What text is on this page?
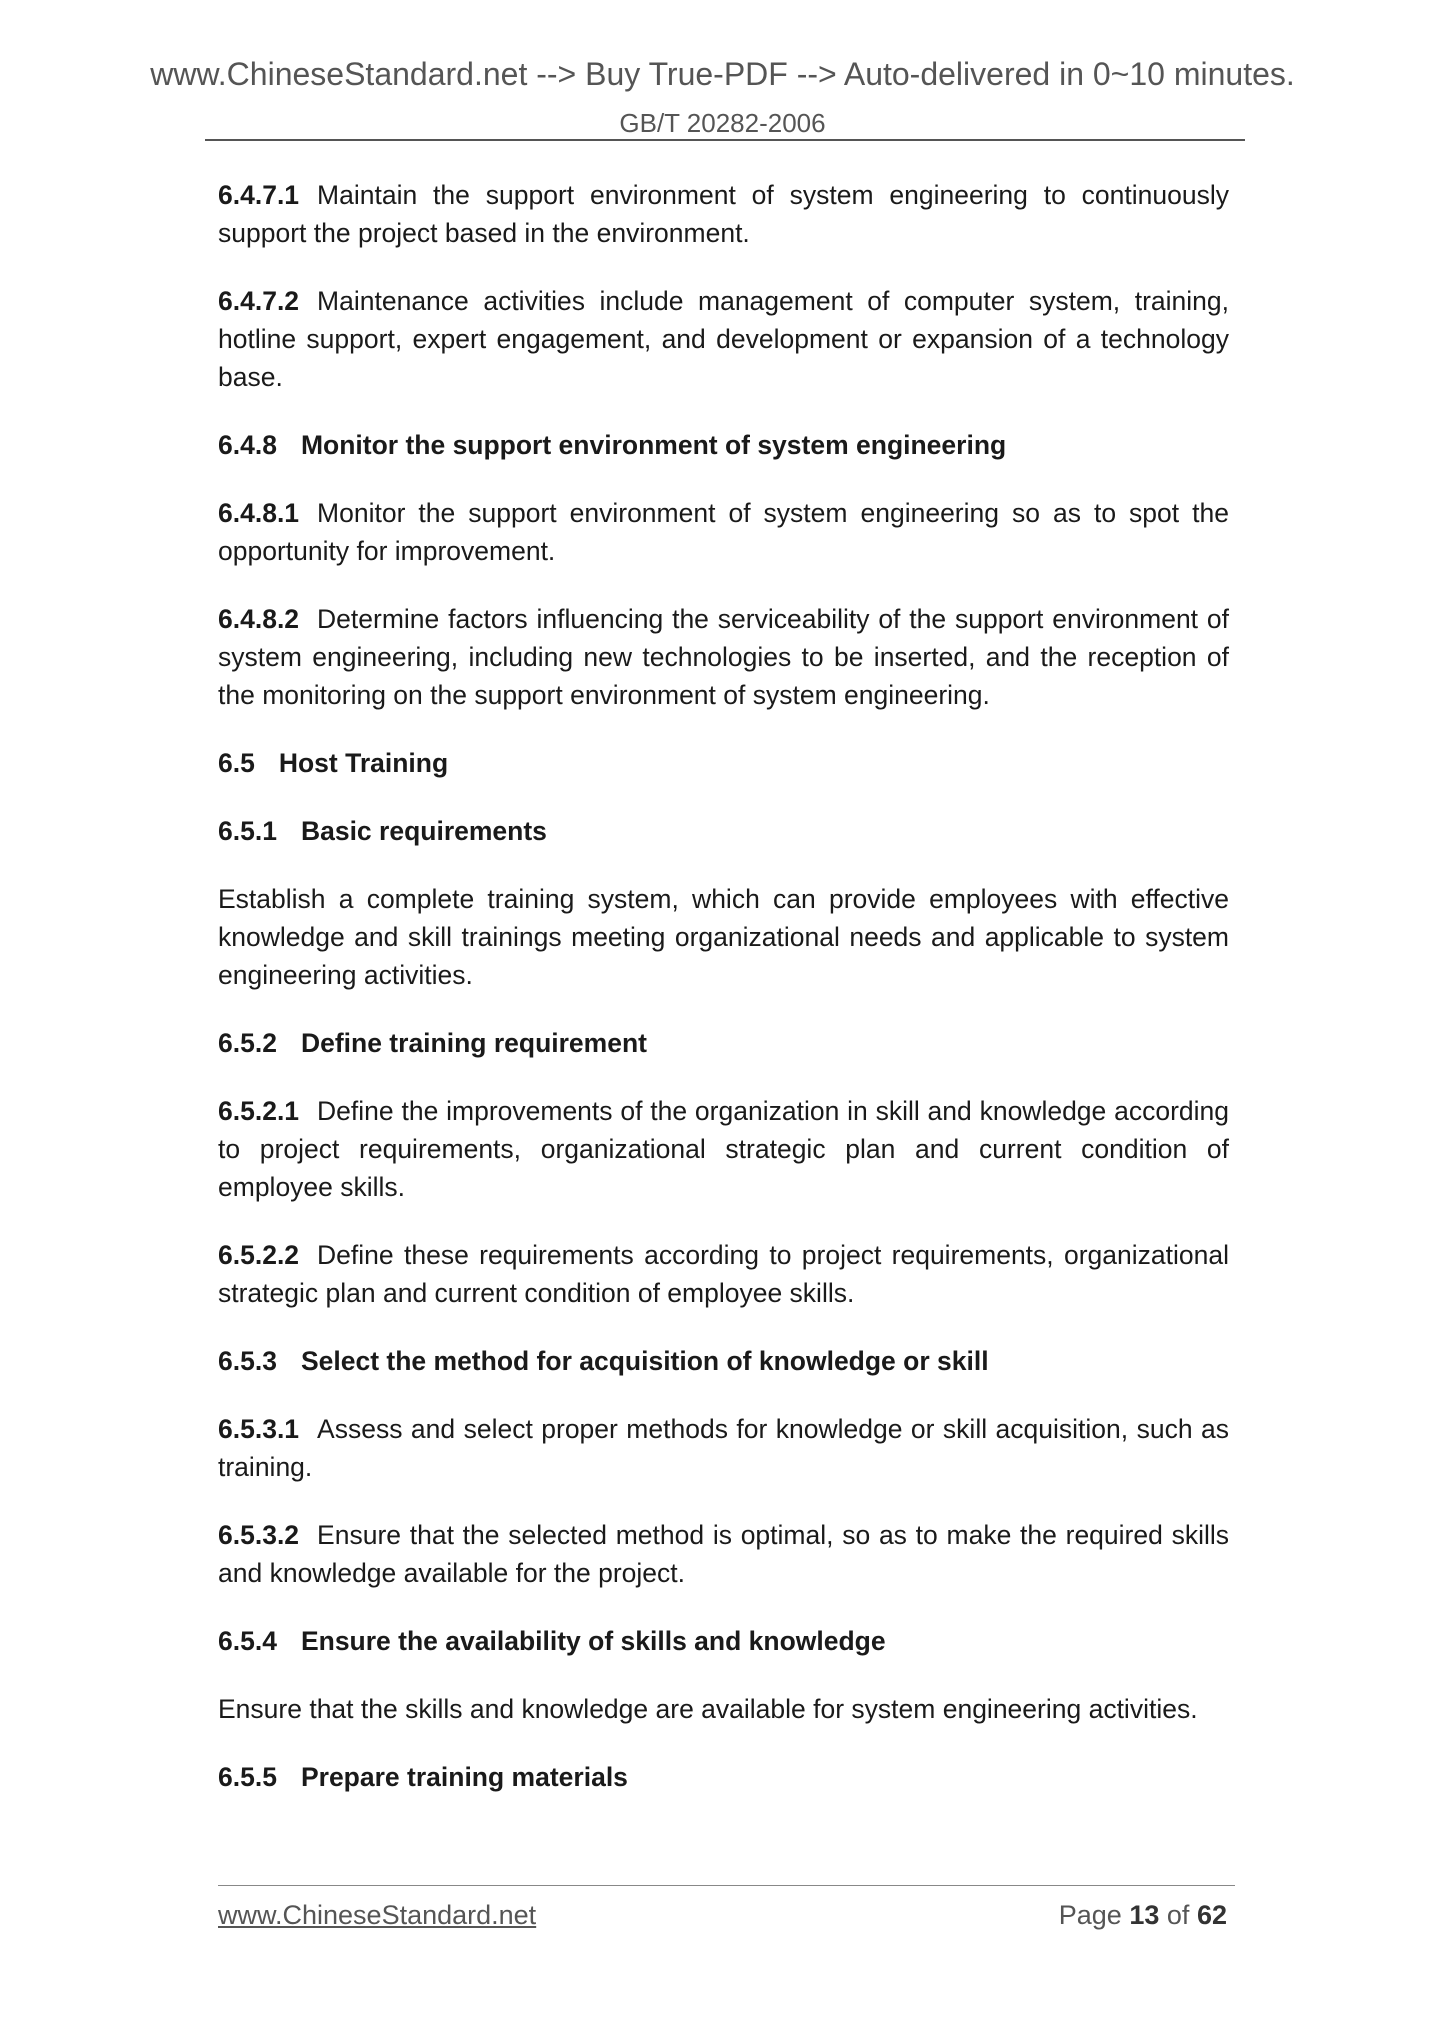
www.ChineseStandard.net --> Buy True-PDF --> Auto-delivered in 0~10 minutes.
GB/T 20282-2006

6.4.7.1 Maintain the support environment of system engineering to continuously support the project based in the environment.

6.4.7.2 Maintenance activities include management of computer system, training, hotline support, expert engagement, and development or expansion of a technology base.

6.4.8 Monitor the support environment of system engineering

6.4.8.1 Monitor the support environment of system engineering so as to spot the opportunity for improvement.

6.4.8.2 Determine factors influencing the serviceability of the support environment of system engineering, including new technologies to be inserted, and the reception of the monitoring on the support environment of system engineering.

6.5 Host Training
6.5.1 Basic requirements

Establish a complete training system, which can provide employees with effective knowledge and skill trainings meeting organizational needs and applicable to system engineering activities.

6.5.2 Define training requirement

6.5.2.1 Define the improvements of the organization in skill and knowledge according to project requirements, organizational strategic plan and current condition of employee skills.

6.5.2.2 Define these requirements according to project requirements, organizational strategic plan and current condition of employee skills.

6.5.3 Select the method for acquisition of knowledge or skill

6.5.3.1 Assess and select proper methods for knowledge or skill acquisition, such as training.

6.5.3.2 Ensure that the selected method is optimal, so as to make the required skills and knowledge available for the project.

6.5.4 Ensure the availability of skills and knowledge

Ensure that the skills and knowledge are available for system engineering activities.

6.5.5 Prepare training materials
www.ChineseStandard.net	Page 13 of 62
